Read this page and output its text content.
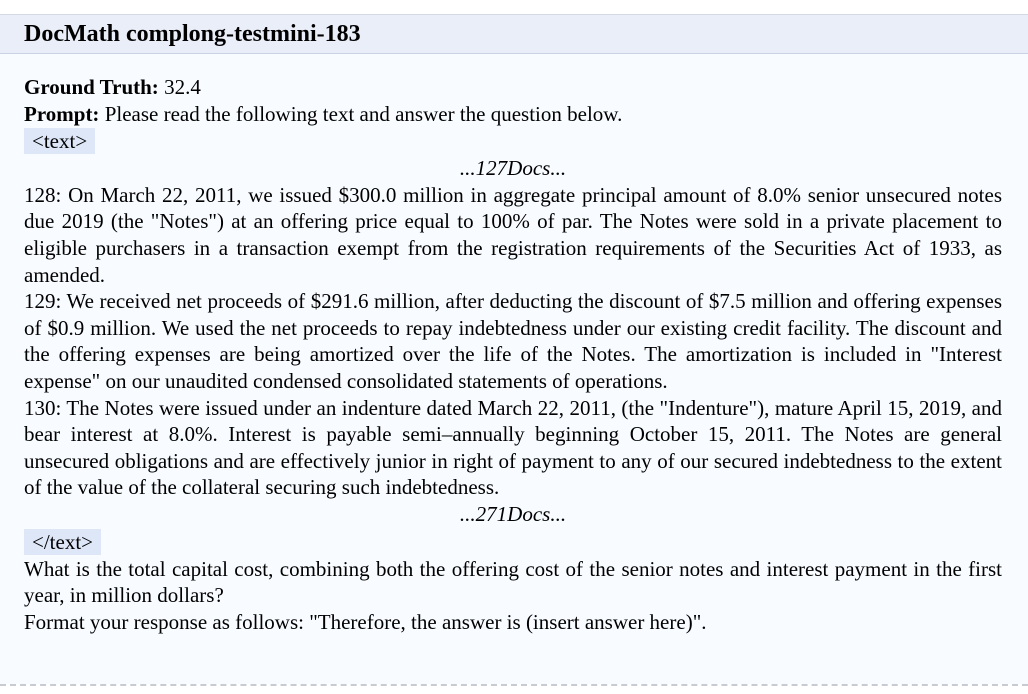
DocMath complong-testmini-183

Ground Truth: 32.4

Prompt: Please read the following text and answer the question below.

<text>

...127Docs...

128: On March 22, 2011, we issued $300.0 million in aggregate principal amount of 8.0% senior unsecured notes due 2019 (the "Notes") at an offering price equal to 100% of par. The Notes were sold in a private placement to eligible purchasers in a transaction exempt from the registration requirements of the Securities Act of 1933, as amended.

129: We received net proceeds of $291.6 million, after deducting the discount of $7.5 million and offering expenses of $0.9 million. We used the net proceeds to repay indebtedness under our existing credit facility. The discount and the offering expenses are being amortized over the life of the Notes. The amortization is included in "Interest expense" on our unaudited condensed consolidated statements of operations.

130: The Notes were issued under an indenture dated March 22, 2011, (the "Indenture"), mature April 15, 2019, and bear interest at 8.0%. Interest is payable semi–annually beginning October 15, 2011. The Notes are general unsecured obligations and are effectively junior in right of payment to any of our secured indebtedness to the extent of the value of the collateral securing such indebtedness.

...271Docs...

</text>

What is the total capital cost, combining both the offering cost of the senior notes and interest payment in the first year, in million dollars?

Format your response as follows: "Therefore, the answer is (insert answer here)".
